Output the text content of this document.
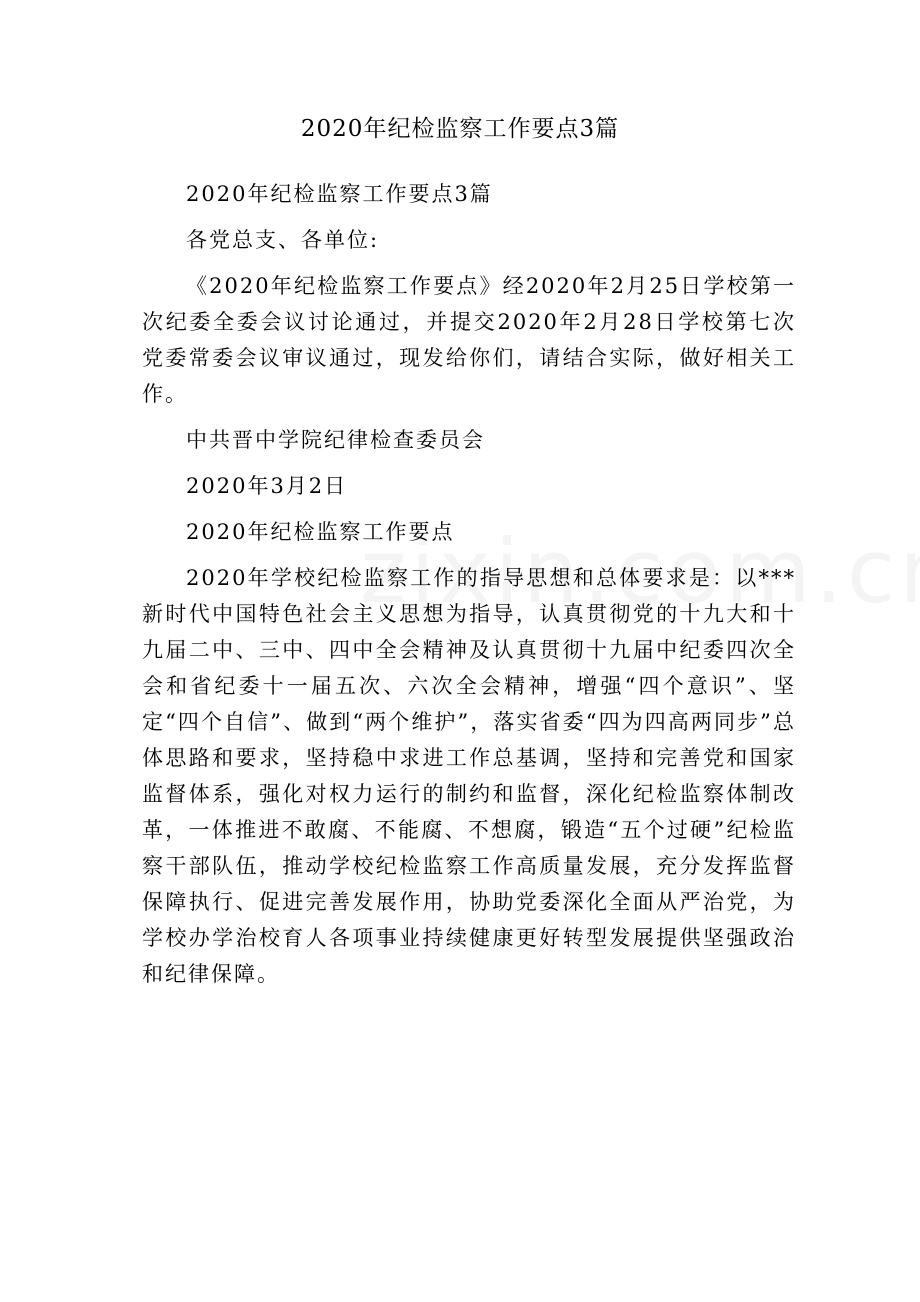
2020年纪检监察工作要点3篇

2020年纪检监察工作要点3篇

各党总支、各单位:

《2020年纪检监察工作要点》经2020年2月25日学校第一次纪委全委会议讨论通过，并提交2020年2月28日学校第七次党委常委会议审议通过，现发给你们，请结合实际，做好相关工作。

中共晋中学院纪律检查委员会

2020年3月2日

2020年纪检监察工作要点

2020年学校纪检监察工作的指导思想和总体要求是：以***新时代中国特色社会主义思想为指导，认真贯彻党的十九大和十九届二中、三中、四中全会精神及认真贯彻十九届中纪委四次全会和省纪委十一届五次、六次全会精神，增强“四个意识”、坚定“四个自信”、做到“两个维护”，落实省委“四为四高两同步”总体思路和要求，坚持稳中求进工作总基调，坚持和完善党和国家监督体系，强化对权力运行的制约和监督，深化纪检监察体制改革，一体推进不敢腐、不能腐、不想腐，锻造“五个过硬”纪检监察干部队伍，推动学校纪检监察工作高质量发展，充分发挥监督保障执行、促进完善发展作用，协助党委深化全面从严治党，为学校办学治校育人各项事业持续健康更好转型发展提供坚强政治和纪律保障。
